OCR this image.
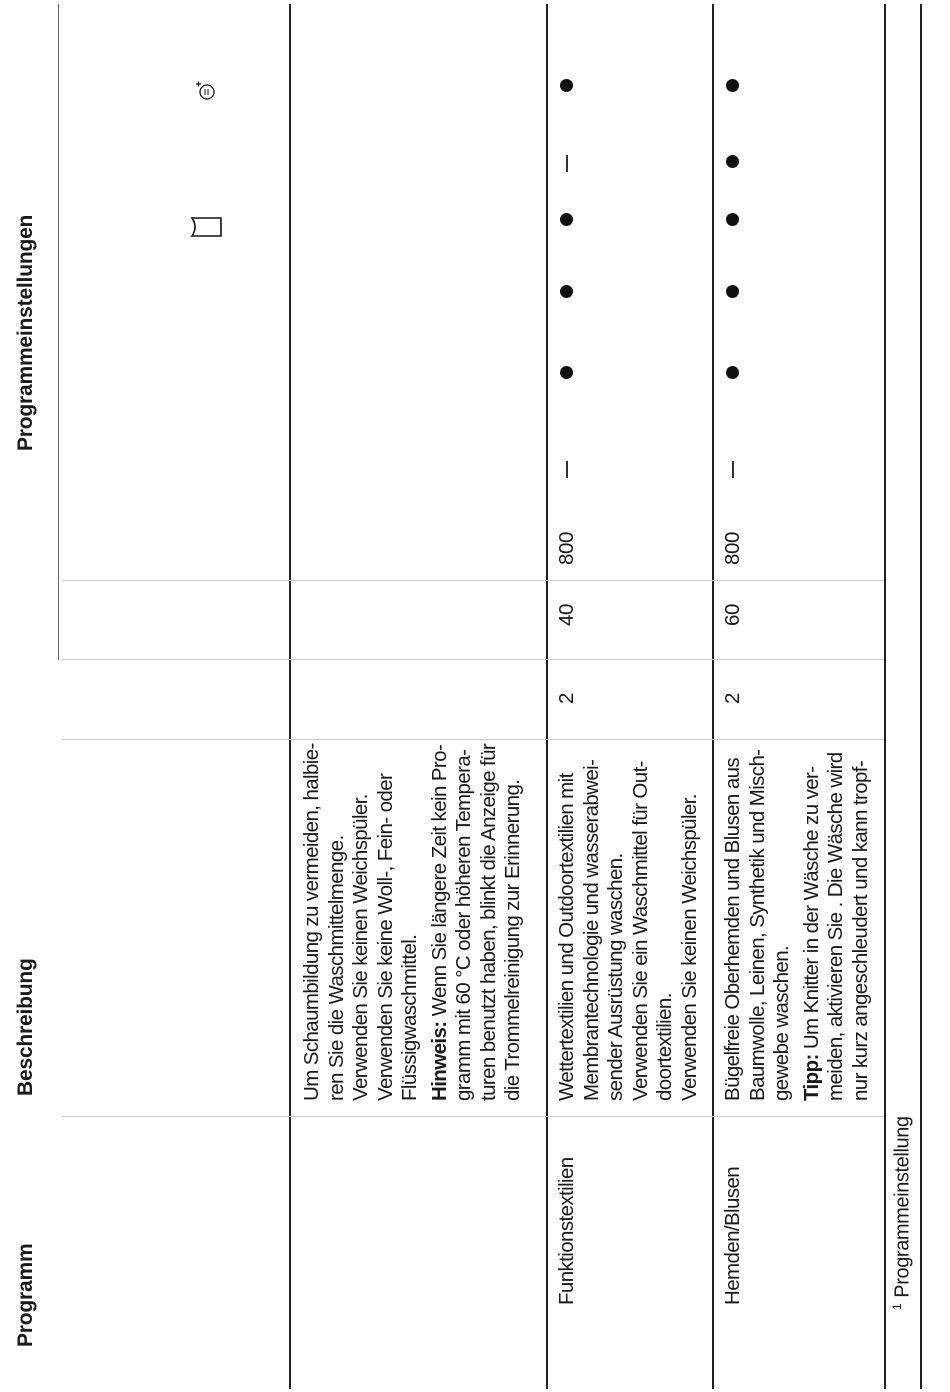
Programm
Beschreibung
Programmeinstellungen
Um Schaumbildung zu vermeiden, halbie- ren Sie die Waschmittelmenge. Verwenden Sie keinen Weichspüler. Verwenden Sie keine Woll-, Fein- oder Flüssigwaschmittel. Hinweis: Wenn Sie längere Zeit kein Pro- gramm mit 60 °C oder höheren Tempera- turen benutzt haben, blinkt die Anzeige für die Trommelreinigung zur Erinnerung.
Funktionstextilien
Wettertextilien und Outdoortextilien mit Membrantechnologie und wasserabwei- sender Ausrüstung waschen. Verwenden Sie ein Waschmittel für Out- doortextilien. Verwenden Sie keinen Weichspüler.
2
40
800
Hemden/Blusen
Bügelfreie Oberhemden und Blusen aus Baumwolle, Leinen, Synthetik und Misch- gewebe waschen. Tipp: Um Knitter in der Wäsche zu ver- meiden, aktivieren Sie . Die Wäsche wird nur kurz angeschleudert und kann tropf-
2
60
800
$^1$Programmeinstellung
